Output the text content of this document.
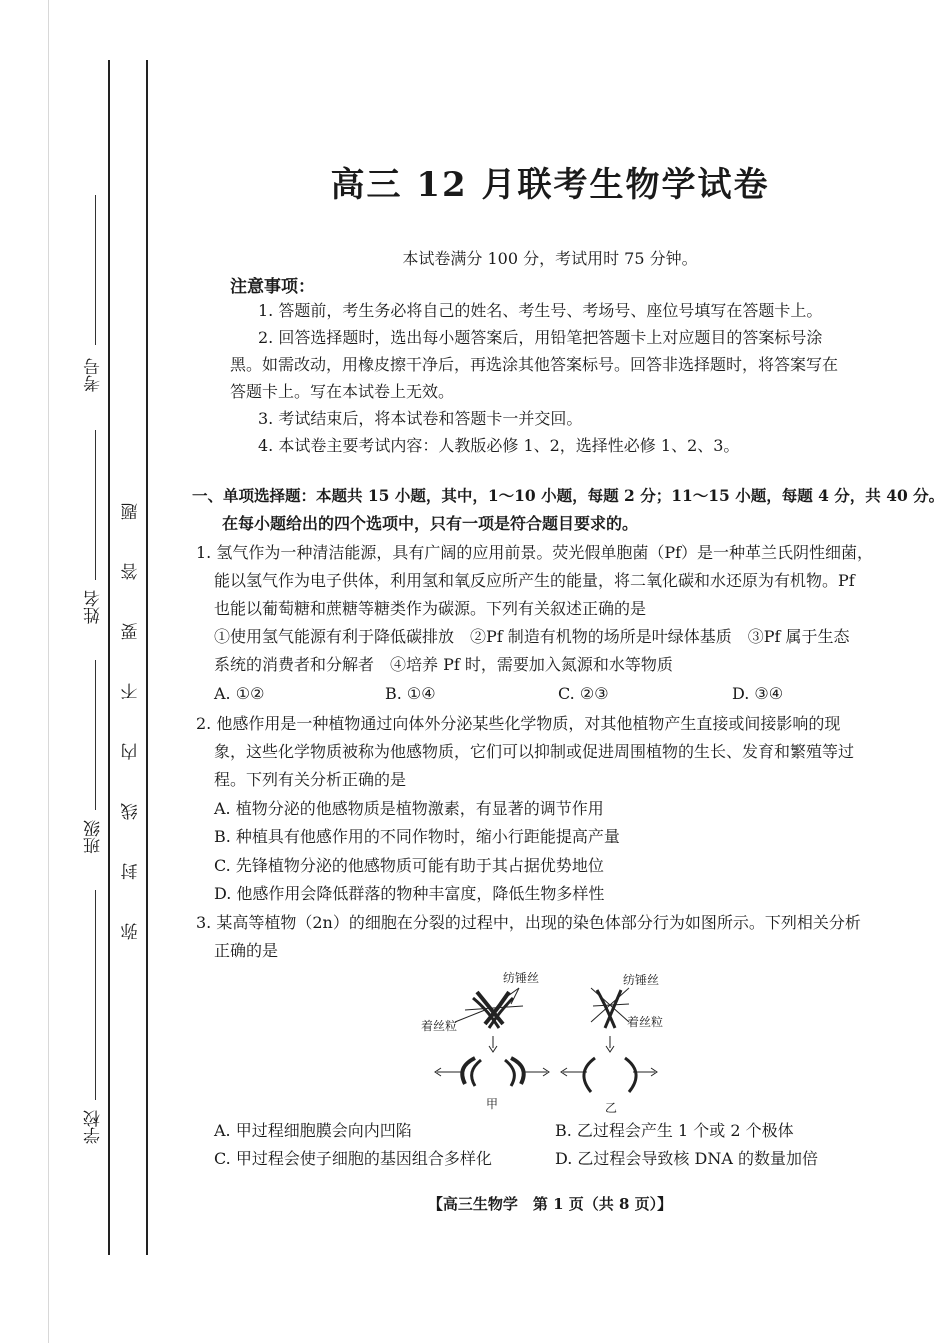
考号
姓名
班级
学校
弥
封
线
内
不
要
答
题
高三 12 月联考生物学试卷
本试卷满分 100 分，考试用时 75 分钟。
注意事项：
1. 答题前，考生务必将自己的姓名、考生号、考场号、座位号填写在答题卡上。
2. 回答选择题时，选出每小题答案后，用铅笔把答题卡上对应题目的答案标号涂
黑。如需改动，用橡皮擦干净后，再选涂其他答案标号。回答非选择题时，将答案写在
答题卡上。写在本试卷上无效。
3. 考试结束后，将本试卷和答题卡一并交回。
4. 本试卷主要考试内容：人教版必修 1、2，选择性必修 1、2、3。
一、单项选择题：本题共 15 小题，其中，1～10 小题，每题 2 分；11～15 小题，每题 4 分，共 40 分。
在每小题给出的四个选项中，只有一项是符合题目要求的。
1. 氢气作为一种清洁能源，具有广阔的应用前景。荧光假单胞菌（Pf）是一种革兰氏阴性细菌，
能以氢气作为电子供体，利用氢和氧反应所产生的能量，将二氧化碳和水还原为有机物。Pf
也能以葡萄糖和蔗糖等糖类作为碳源。下列有关叙述正确的是
①使用氢气能源有利于降低碳排放　②Pf 制造有机物的场所是叶绿体基质　③Pf 属于生态
系统的消费者和分解者　④培养 Pf 时，需要加入氮源和水等物质
A. ①②	B. ①④	C. ②③	D. ③④
2. 他感作用是一种植物通过向体外分泌某些化学物质，对其他植物产生直接或间接影响的现
象，这些化学物质被称为他感物质，它们可以抑制或促进周围植物的生长、发育和繁殖等过
程。下列有关分析正确的是
A. 植物分泌的他感物质是植物激素，有显著的调节作用
B. 种植具有他感作用的不同作物时，缩小行距能提高产量
C. 先锋植物分泌的他感物质可能有助于其占据优势地位
D. 他感作用会降低群落的物种丰富度，降低生物多样性
3. 某高等植物（2n）的细胞在分裂的过程中，出现的染色体部分行为如图所示。下列相关分析
正确的是
纺锤丝
着丝粒
甲
纺锤丝
着丝粒
乙
A. 甲过程细胞膜会向内凹陷	B. 乙过程会产生 1 个或 2 个极体
C. 甲过程会使子细胞的基因组合多样化	D. 乙过程会导致核 DNA 的数量加倍
【高三生物学　第 1 页（共 8 页）】
